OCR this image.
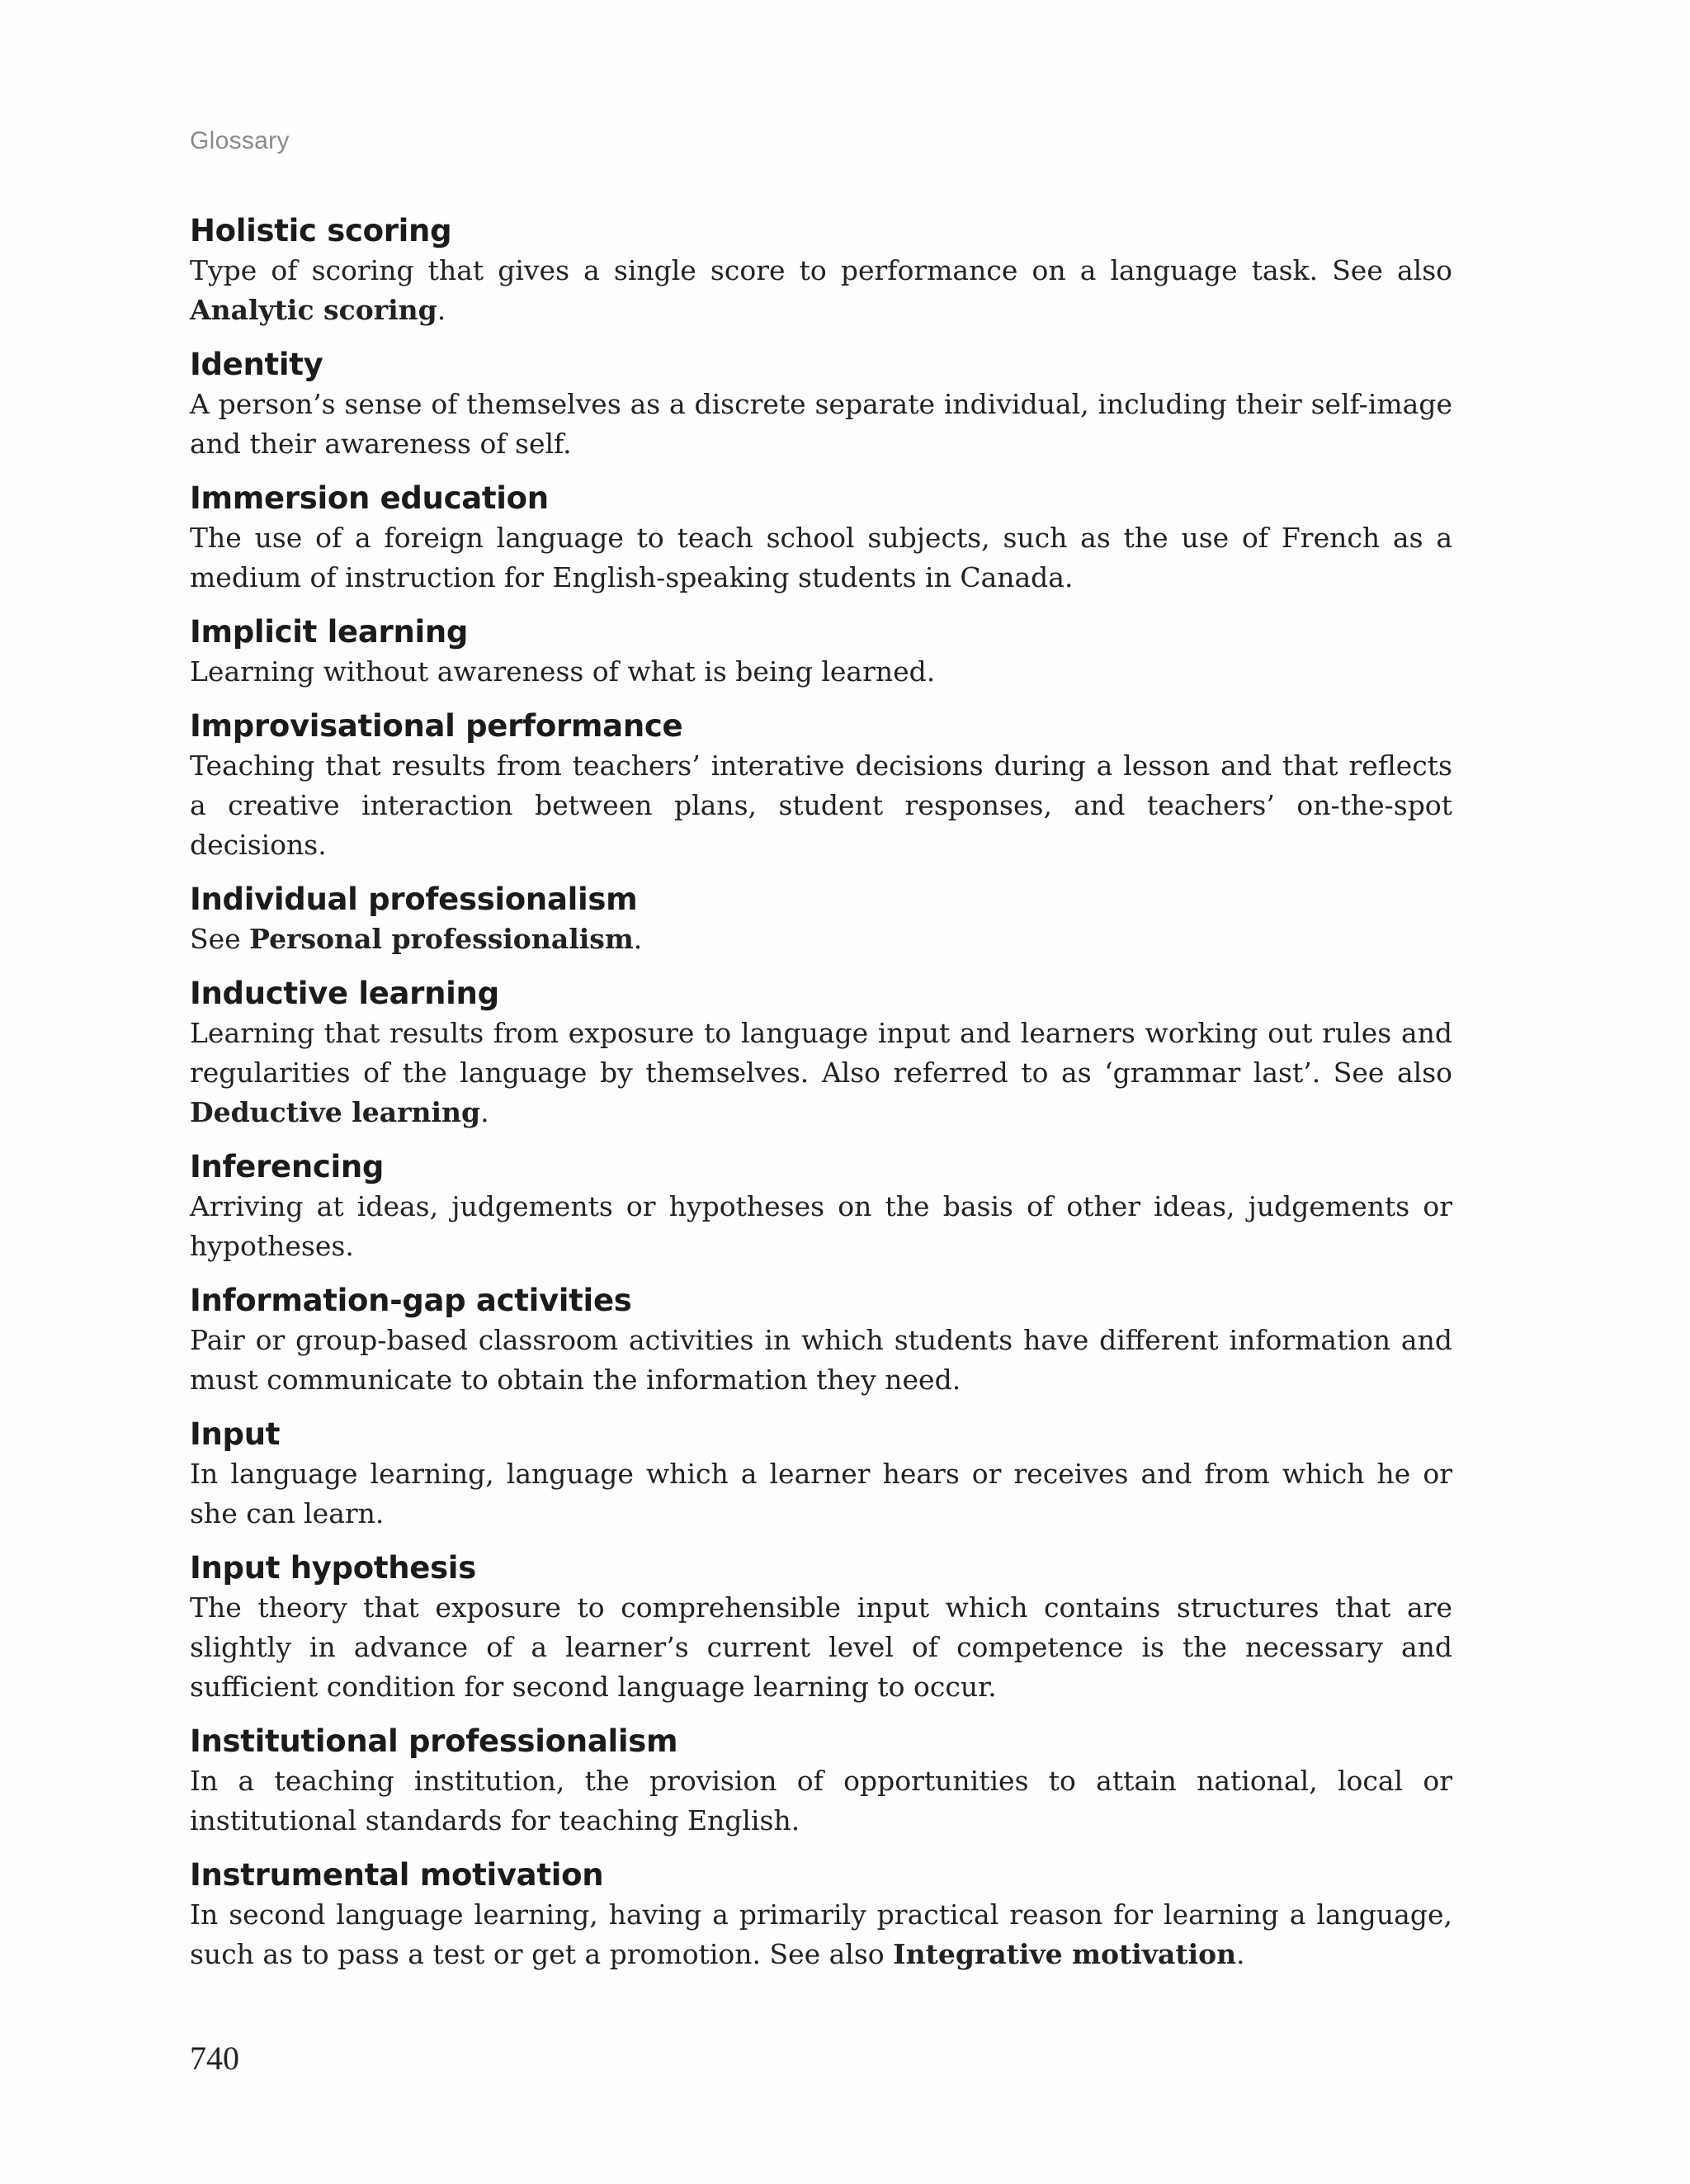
Glossary
Holistic scoring
Type of scoring that gives a single score to performance on a language task. See also Analytic scoring.
Identity
A person’s sense of themselves as a discrete separate individual, including their self-image and their awareness of self.
Immersion education
The use of a foreign language to teach school subjects, such as the use of French as a medium of instruction for English-speaking students in Canada.
Implicit learning
Learning without awareness of what is being learned.
Improvisational performance
Teaching that results from teachers’ interative decisions during a lesson and that reflects a creative interaction between plans, student responses, and teachers’ on-the-spot decisions.
Individual professionalism
See Personal professionalism.
Inductive learning
Learning that results from exposure to language input and learners working out rules and regularities of the language by themselves. Also referred to as ‘grammar last’. See also Deductive learning.
Inferencing
Arriving at ideas, judgements or hypotheses on the basis of other ideas, judgements or hypotheses.
Information-gap activities
Pair or group-based classroom activities in which students have different information and must communicate to obtain the information they need.
Input
In language learning, language which a learner hears or receives and from which he or she can learn.
Input hypothesis
The theory that exposure to comprehensible input which contains structures that are slightly in advance of a learner’s current level of competence is the necessary and sufficient condition for second language learning to occur.
Institutional professionalism
In a teaching institution, the provision of opportunities to attain national, local or institutional standards for teaching English.
Instrumental motivation
In second language learning, having a primarily practical reason for learning a language, such as to pass a test or get a promotion. See also Integrative motivation.
740
